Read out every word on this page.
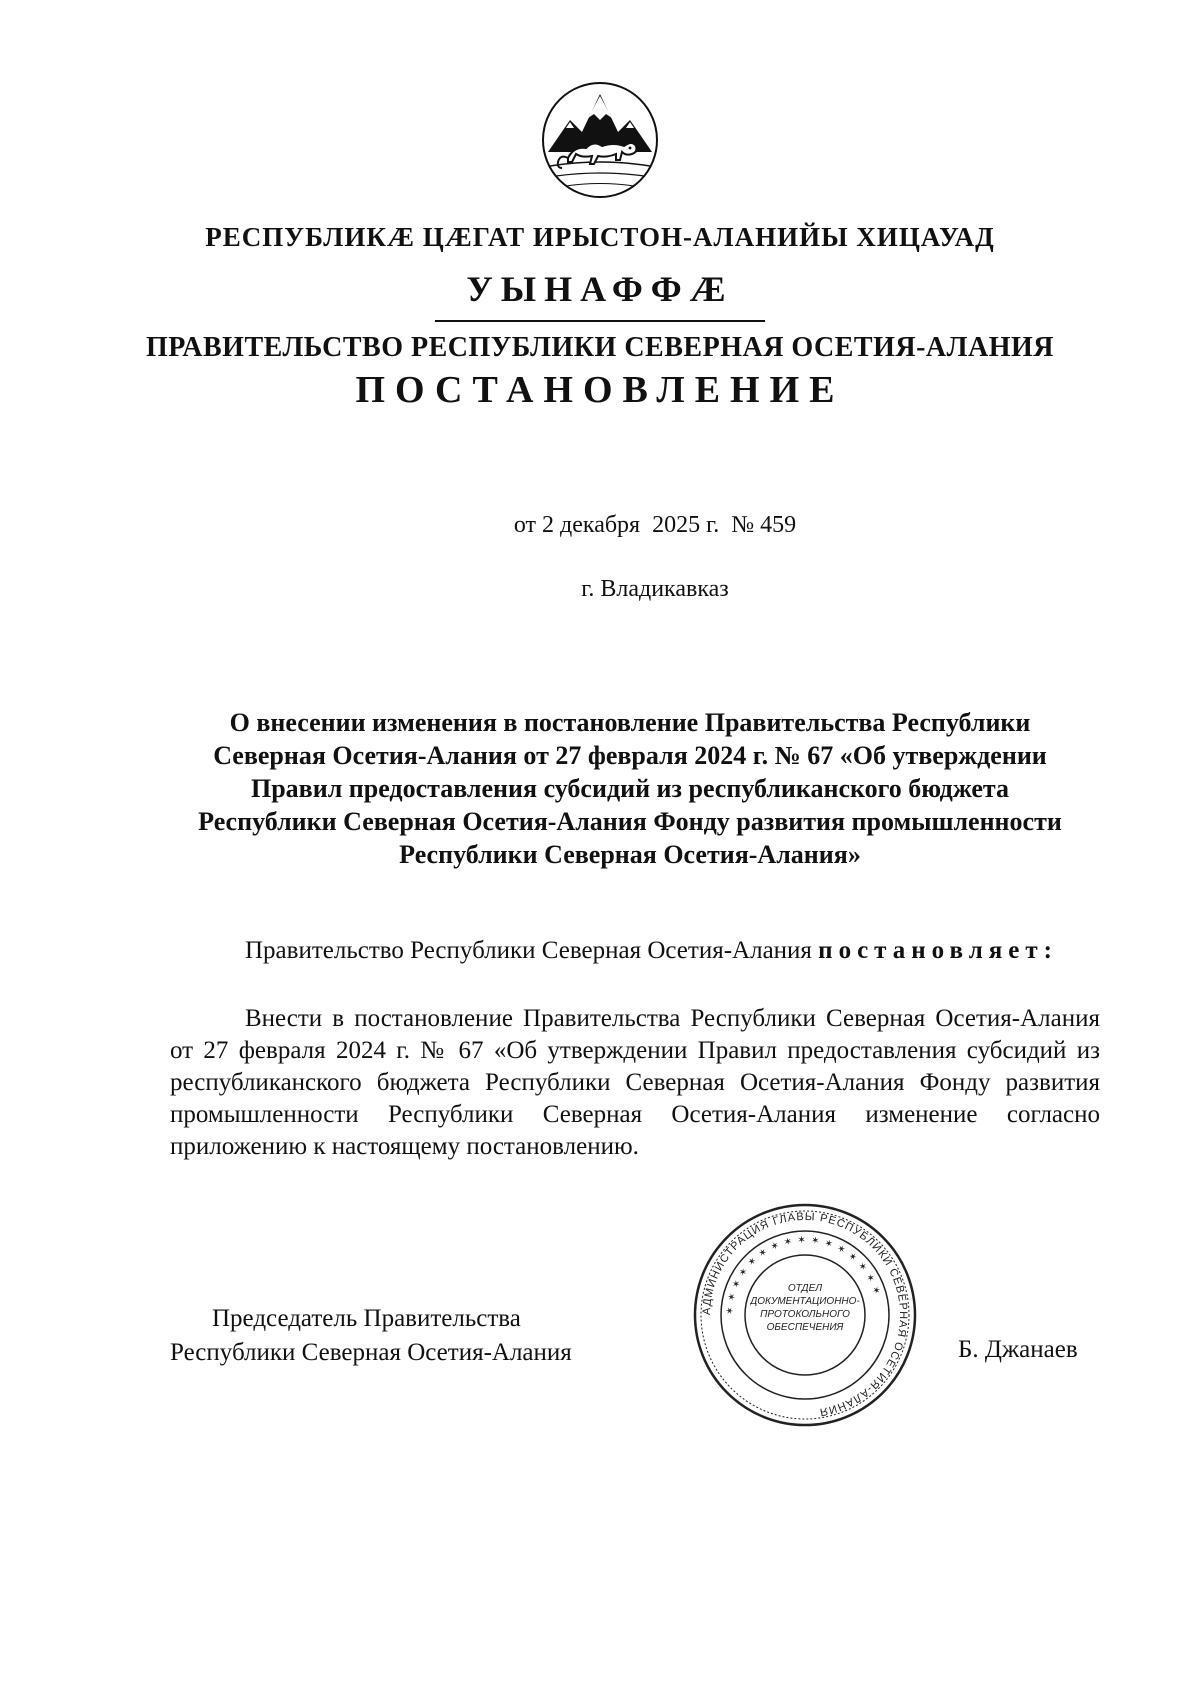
РЕСПУБЛИКÆ ЦÆГАТ ИРЫСТОН-АЛАНИЙЫ ХИЦАУАД
УЫНАФФÆ
ПРАВИТЕЛЬСТВО РЕСПУБЛИКИ СЕВЕРНАЯ ОСЕТИЯ-АЛАНИЯ
ПОСТАНОВЛЕНИЕ
от 2 декабря  2025 г.  № 459
г. Владикавказ
О внесении изменения в постановление Правительства Республики Северная Осетия-Алания от 27 февраля 2024 г. № 67 «Об утверждении Правил предоставления субсидий из республиканского бюджета   Республики Северная Осетия-Алания Фонду развития промышленности Республики Северная Осетия-Алания»
Правительство Республики Северная Осетия-Алания постановляет:
Внести в постановление Правительства Республики Северная Осетия-Алания от 27 февраля 2024 г. № 67 «Об утверждении Правил предоставления субсидий из республиканского бюджета Республики Северная Осетия-Алания Фонду развития промышленности Республики Северная Осетия-Алания изменение согласно приложению к настоящему постановлению.
Председатель Правительства
Республики Северная Осетия-Алания
АДМИНИСТРАЦИЯ ГЛАВЫ РЕСПУБЛИКИ СЕВЕРНАЯ ОСЕТИЯ-АЛАНИЯ
✶ ✶ ✶ ✶ ✶ ✶ ✶ ✶ ✶ ✶ ✶ ✶ ✶ ✶ ✶ ✶
ОТДЕЛ ДОКУМЕНТАЦИОННО-ПРОТОКОЛЬНОГО ОБЕСПЕЧЕНИЯ
Б. Джанаев
